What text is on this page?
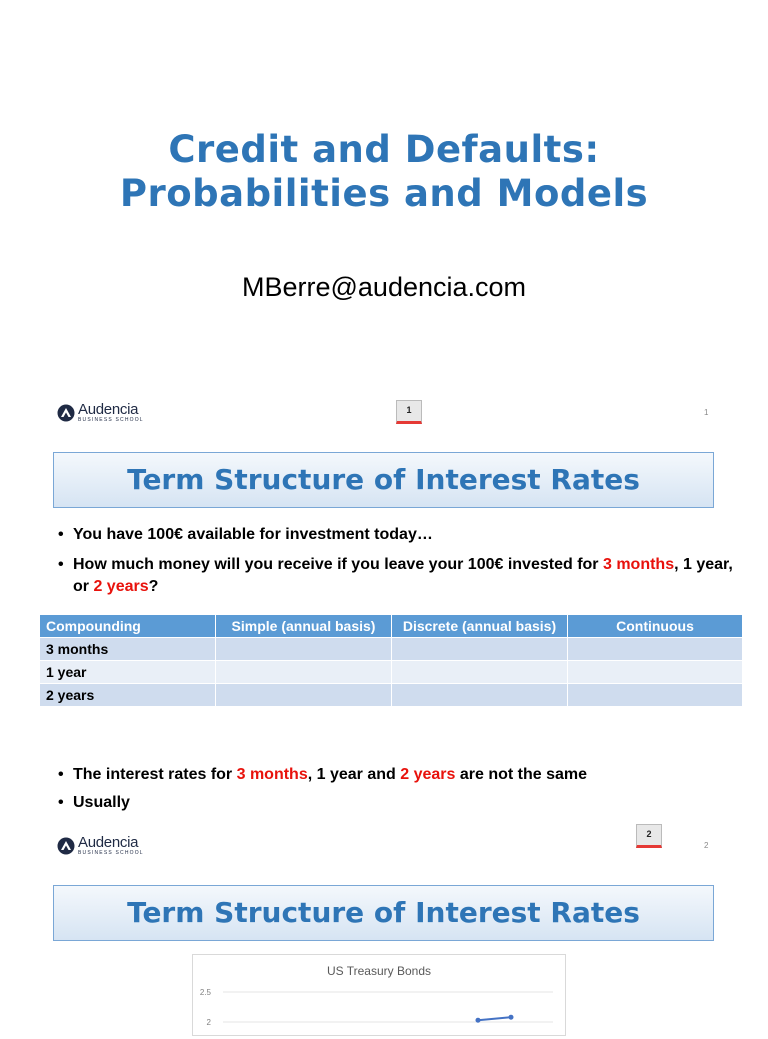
Credit and Defaults:
Probabilities and Models
MBerre@audencia.com
Audencia
BUSINESS SCHOOL
1	1
Term Structure of Interest Rates
• You have 100€ available for investment today…
• How much money will you receive if you leave your 100€ invested for 3 months, 1 year, or 2 years?
Compounding	Simple (annual basis)	Discrete (annual basis)	Continuous
3 months			
1 year			
2 years			
• The interest rates for 3 months, 1 year and 2 years are not the same
• Usually
Audencia
BUSINESS SCHOOL
2
2
Term Structure of Interest Rates
US Treasury Bonds
2.5
2
